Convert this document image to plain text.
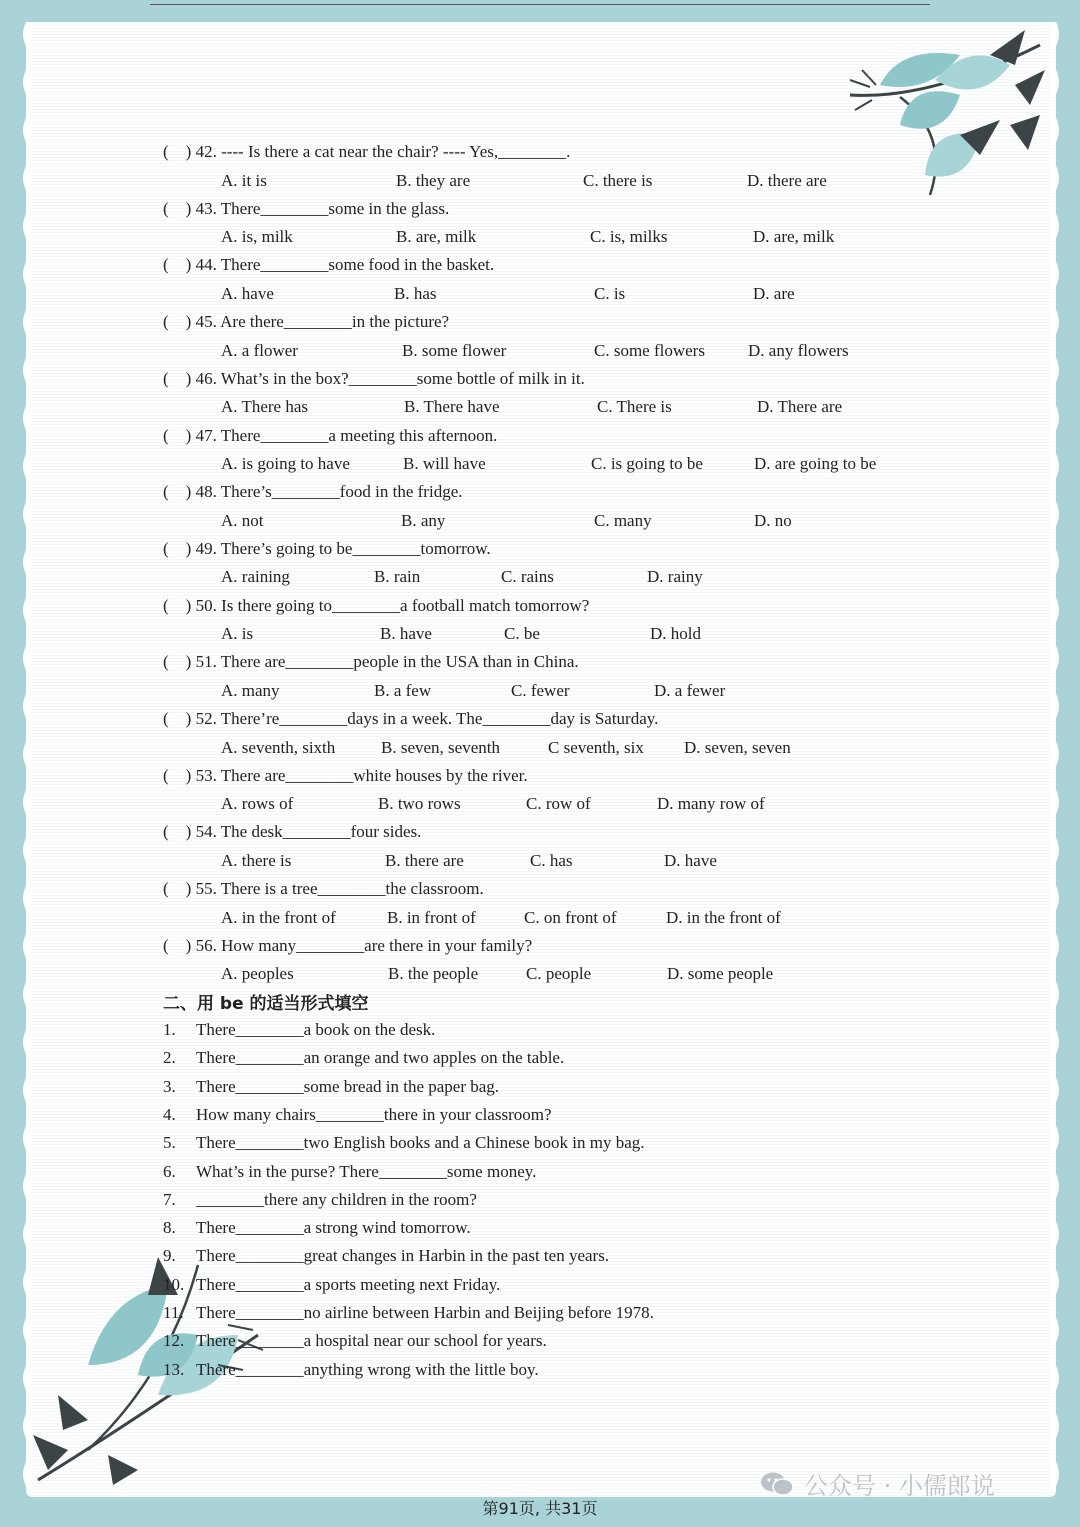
( ) 42. ---- Is there a cat near the chair? ---- Yes,________.
A. it is	B. they are	C. there is	D. there are
( ) 43. There________some in the glass.
A. is, milk	B. are, milk	C. is, milks	D. are, milk
( ) 44. There________some food in the basket.
A. have	B. has	C. is	D. are
( ) 45. Are there________in the picture?
A. a flower	B. some flower	C. some flowers	D. any flowers
( ) 46. What’s in the box?________some bottle of milk in it.
A. There has	B. There have	C. There is	D. There are
( ) 47. There________a meeting this afternoon.
A. is going to have	B. will have	C. is going to be	D. are going to be
( ) 48. There’s________food in the fridge.
A. not	B. any	C. many	D. no
( ) 49. There’s going to be________tomorrow.
A. raining	B. rain	C. rains	D. rainy
( ) 50. Is there going to________a football match tomorrow?
A. is	B. have	C. be	D. hold
( ) 51. There are________people in the USA than in China.
A. many	B. a few	C. fewer	D. a fewer
( ) 52. There’re________days in a week. The________day is Saturday.
A. seventh, sixth	B. seven, seventh	C seventh, six D. seven, seven
( ) 53. There are________white houses by the river.
A. rows of	B. two rows	C. row of	D. many row of
( ) 54. The desk________four sides.
A. there is	B. there are	C. has	D. have
( ) 55. There is a tree________the classroom.
A. in the front of	B. in front of	C. on front of	D. in the front of
( ) 56. How many________are there in your family?
A. peoples	B. the people	C. people	D. some people
二、用 be 的适当形式填空
1. There________a book on the desk.
2. There________an orange and two apples on the table.
3. There________some bread in the paper bag.
4. How many chairs________there in your classroom?
5. There________two English books and a Chinese book in my bag.
6. What’s in the purse? There________some money.
7. ________there any children in the room?
8. There________a strong wind tomorrow.
9. There________great changes in Harbin in the past ten years.
10. There________a sports meeting next Friday.
11. There________no airline between Harbin and Beijing before 1978.
12. There________a hospital near our school for years.
13. There________anything wrong with the little boy.
第91页, 共31页
公众号 · 小儒郎说
